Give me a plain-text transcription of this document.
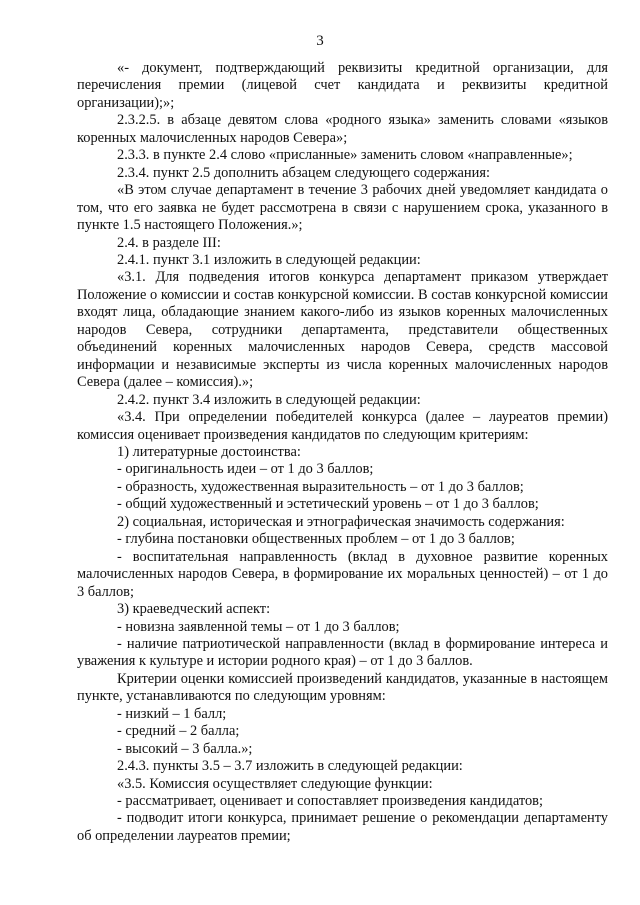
3

«- документ, подтверждающий реквизиты кредитной организации, для перечисления премии (лицевой счет кандидата и реквизиты кредитной организации);»;

2.3.2.5. в абзаце девятом слова «родного языка» заменить словами «языков коренных малочисленных народов Севера»;

2.3.3. в пункте 2.4 слово «присланные» заменить словом «направленные»;

2.3.4. пункт 2.5 дополнить абзацем следующего содержания:

«В этом случае департамент в течение 3 рабочих дней уведомляет кандидата о том, что его заявка не будет рассмотрена в связи с нарушением срока, указанного в пункте 1.5 настоящего Положения.»;

2.4. в разделе III:

2.4.1. пункт 3.1 изложить в следующей редакции:

«3.1. Для подведения итогов конкурса департамент приказом утверждает Положение о комиссии и состав конкурсной комиссии. В состав конкурсной комиссии входят лица, обладающие знанием какого-либо из языков коренных малочисленных народов Севера, сотрудники департамента, представители общественных объединений коренных малочисленных народов Севера, средств массовой информации и независимые эксперты из числа коренных малочисленных народов Севера (далее – комиссия).»;

2.4.2. пункт 3.4 изложить в следующей редакции:

«3.4. При определении победителей конкурса (далее – лауреатов премии) комиссия оценивает произведения кандидатов по следующим критериям:

1) литературные достоинства:

- оригинальность идеи – от 1 до 3 баллов;

- образность, художественная выразительность – от 1 до 3 баллов;

- общий художественный и эстетический уровень – от 1 до 3 баллов;

2) социальная, историческая и этнографическая значимость содержания:

- глубина постановки общественных проблем – от 1 до 3 баллов;

- воспитательная направленность (вклад в духовное развитие коренных малочисленных народов Севера, в формирование их моральных ценностей) – от 1 до 3 баллов;

3) краеведческий аспект:

- новизна заявленной темы – от 1 до 3 баллов;

- наличие патриотической направленности (вклад в формирование интереса и уважения к культуре и истории родного края) – от 1 до 3 баллов.

Критерии оценки комиссией произведений кандидатов, указанные в настоящем пункте, устанавливаются по следующим уровням:

- низкий – 1 балл;

- средний – 2 балла;

- высокий – 3 балла.»;

2.4.3. пункты 3.5 – 3.7 изложить в следующей редакции:

«3.5. Комиссия осуществляет следующие функции:

- рассматривает, оценивает и сопоставляет произведения кандидатов;

- подводит итоги конкурса, принимает решение о рекомендации департаменту об определении лауреатов премии;
